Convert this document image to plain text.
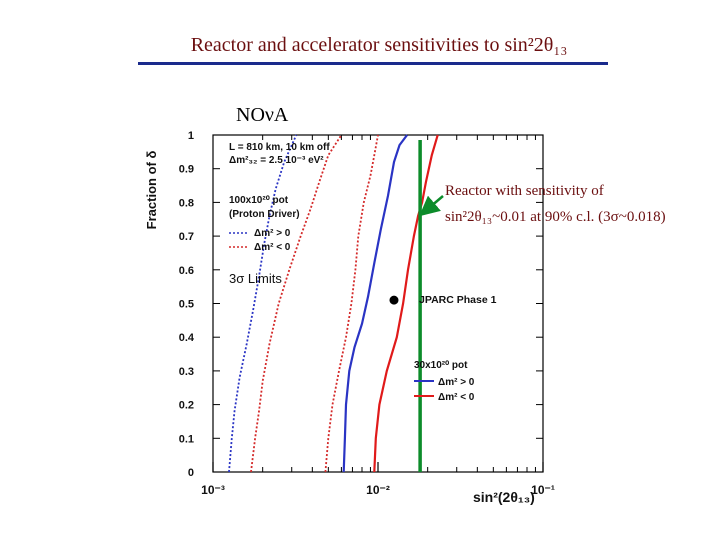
Reactor and accelerator sensitivities to sin²2θ₁₃
NOνA
0
0.1
0.2
0.3
0.4
0.5
0.6
0.7
0.8
0.9
1
10⁻³	10⁻²	10⁻¹
Fraction of δ
sin²(2θ₁₃)
L = 810 km, 10 km off
Δm²₃₂ = 2.5 10⁻³ eV²
100x10²⁰ pot
(Proton Driver)
Δm² > 0
Δm² < 0
3σ Limits
JPARC Phase 1
30x10²⁰ pot
Δm² > 0
Δm² < 0
Reactor with sensitivity of
sin²2θ₁₃~0.01 at 90% c.l. (3σ~0.018)
